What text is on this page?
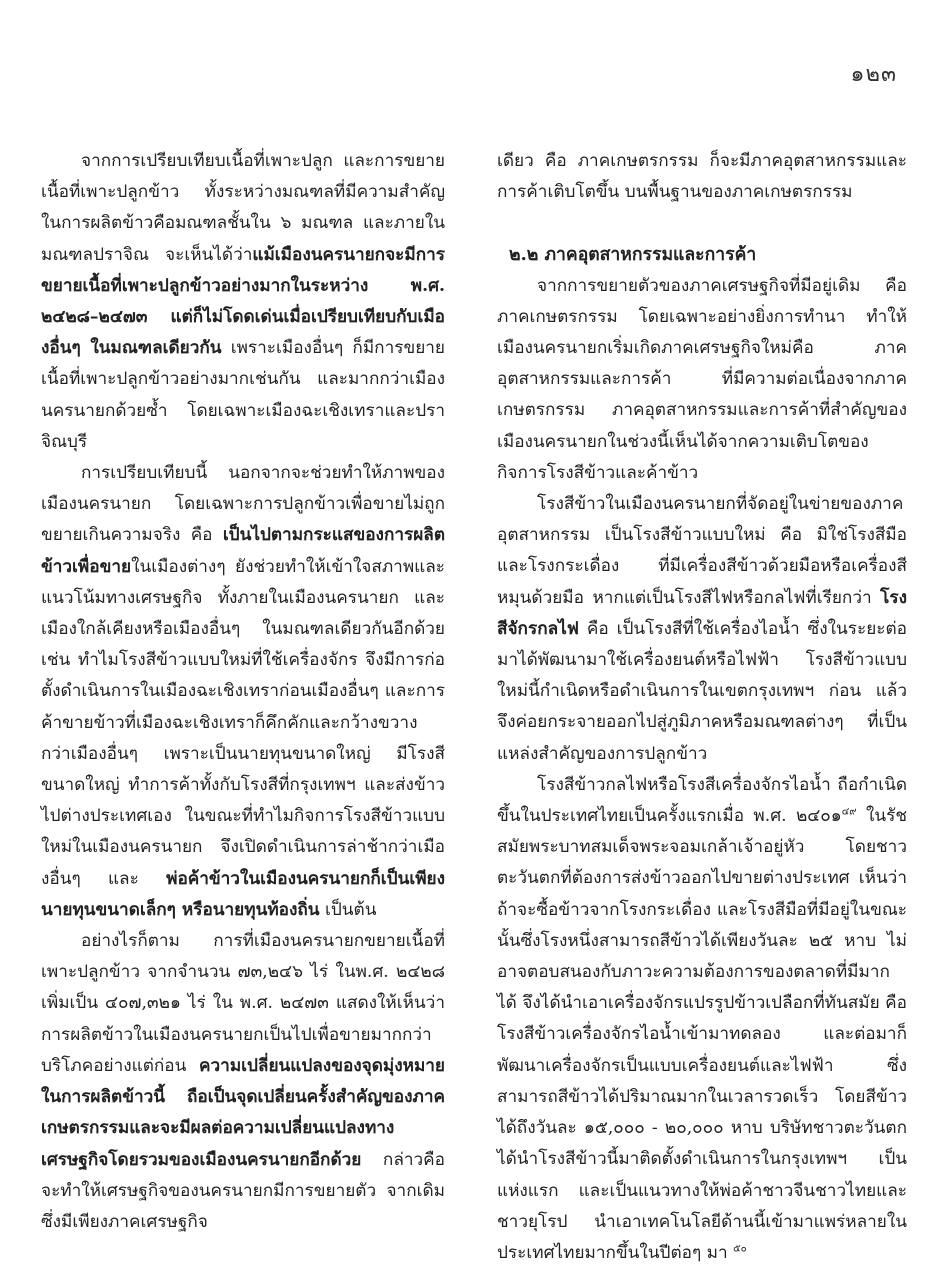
๑๒๓

จากการเปรียบเทียบเนื้อที่เพาะปลูก และการขยายเนื้อที่เพาะปลูกข้าว ทั้งระหว่างมณฑลที่มีความสำคัญในการผลิตข้าวคือมณฑลชั้นใน ๖ มณฑล และภายในมณฑลปราจิณ จะเห็นได้ว่าแม้เมืองนครนายกจะมีการขยายเนื้อที่เพาะปลูกข้าวอย่างมากในระหว่าง พ.ศ. ๒๔๒๘–๒๔๗๓ แต่ก็ไม่โดดเด่นเมื่อเปรียบเทียบกับเมืองอื่นๆ ในมณฑลเดียวกัน เพราะเมืองอื่นๆ ก็มีการขยายเนื้อที่เพาะปลูกข้าวอย่างมากเช่นกัน และมากกว่าเมืองนครนายกด้วยซ้ำ โดยเฉพาะเมืองฉะเชิงเทราและปราจิณบุรี

การเปรียบเทียบนี้ นอกจากจะช่วยทำให้ภาพของเมืองนครนายก โดยเฉพาะการปลูกข้าวเพื่อขายไม่ถูกขยายเกินความจริง คือ เป็นไปตามกระแสของการผลิตข้าวเพื่อขายในเมืองต่างๆ ยังช่วยทำให้เข้าใจสภาพและแนวโน้มทางเศรษฐกิจ ทั้งภายในเมืองนครนายก และเมืองใกล้เคียงหรือเมืองอื่นๆ ในมณฑลเดียวกันอีกด้วย เช่น ทำไมโรงสีข้าวแบบใหม่ที่ใช้เครื่องจักร จึงมีการก่อตั้งดำเนินการในเมืองฉะเชิงเทราก่อนเมืองอื่นๆ และการค้าขายข้าวที่เมืองฉะเชิงเทราก็คึกคักและกว้างขวางกว่าเมืองอื่นๆ เพราะเป็นนายทุนขนาดใหญ่ มีโรงสีขนาดใหญ่ ทำการค้าทั้งกับโรงสีที่กรุงเทพฯ และส่งข้าวไปต่างประเทศเอง ในขณะที่ทำไมกิจการโรงสีข้าวแบบใหม่ในเมืองนครนายก จึงเปิดดำเนินการล่าช้ากว่าเมืองอื่นๆ และ พ่อค้าข้าวในเมืองนครนายกก็เป็นเพียงนายทุนขนาดเล็กๆ หรือนายทุนท้องถิ่น เป็นต้น

อย่างไรก็ตาม การที่เมืองนครนายกขยายเนื้อที่เพาะปลูกข้าว จากจำนวน ๗๓,๒๔๖ ไร่ ในพ.ศ. ๒๔๒๘ เพิ่มเป็น ๔๐๗,๓๒๑ ไร่ ใน พ.ศ. ๒๔๗๓ แสดงให้เห็นว่า การผลิตข้าวในเมืองนครนายกเป็นไปเพื่อขายมากกว่าบริโภคอย่างแต่ก่อน ความเปลี่ยนแปลงของจุดมุ่งหมายในการผลิตข้าวนี้ ถือเป็นจุดเปลี่ยนครั้งสำคัญของภาคเกษตรกรรมและจะมีผลต่อความเปลี่ยนแปลงทางเศรษฐกิจโดยรวมของเมืองนครนายกอีกด้วย กล่าวคือ จะทำให้เศรษฐกิจของนครนายกมีการขยายตัว จากเดิมซึ่งมีเพียงภาคเศรษฐกิจ

เดียว คือ ภาคเกษตรกรรม ก็จะมีภาคอุตสาหกรรมและการค้าเติบโตขึ้น บนพื้นฐานของภาคเกษตรกรรม

๒.๒ ภาคอุตสาหกรรมและการค้า

จากการขยายตัวของภาคเศรษฐกิจที่มีอยู่เดิม คือภาคเกษตรกรรม โดยเฉพาะอย่างยิ่งการทำนา ทำให้เมืองนครนายกเริ่มเกิดภาคเศรษฐกิจใหม่คือ ภาคอุตสาหกรรมและการค้า ที่มีความต่อเนื่องจากภาคเกษตรกรรม ภาคอุตสาหกรรมและการค้าที่สำคัญของเมืองนครนายกในช่วงนี้เห็นได้จากความเติบโตของกิจการโรงสีข้าวและค้าข้าว

โรงสีข้าวในเมืองนครนายกที่จัดอยู่ในข่ายของภาคอุตสาหกรรม เป็นโรงสีข้าวแบบใหม่ คือ มิใช่โรงสีมือและโรงกระเดื่อง ที่มีเครื่องสีข้าวด้วยมือหรือเครื่องสีหมุนด้วยมือ หากแต่เป็นโรงสีไฟหรือกลไฟที่เรียกว่า โรงสีจักรกลไฟ คือ เป็นโรงสีที่ใช้เครื่องไอน้ำ ซึ่งในระยะต่อมาได้พัฒนามาใช้เครื่องยนต์หรือไฟฟ้า โรงสีข้าวแบบใหม่นี้กำเนิดหรือดำเนินการในเขตกรุงเทพฯ ก่อน แล้วจึงค่อยกระจายออกไปสู่ภูมิภาคหรือมณฑลต่างๆ ที่เป็นแหล่งสำคัญของการปลูกข้าว

โรงสีข้าวกลไฟหรือโรงสีเครื่องจักรไอน้ำ ถือกำเนิดขึ้นในประเทศไทยเป็นครั้งแรกเมื่อ พ.ศ. ๒๔๐๑$^{๔๙}$ ในรัชสมัยพระบาทสมเด็จพระจอมเกล้าเจ้าอยู่หัว โดยชาวตะวันตกที่ต้องการส่งข้าวออกไปขายต่างประเทศ เห็นว่าถ้าจะซื้อข้าวจากโรงกระเดื่อง และโรงสีมือที่มีอยู่ในขณะนั้นซึ่งโรงหนึ่งสามารถสีข้าวได้เพียงวันละ ๒๕ หาบ ไม่อาจตอบสนองกับภาวะความต้องการของตลาดที่มีมากได้ จึงได้นำเอาเครื่องจักรแปรรูปข้าวเปลือกที่ทันสมัย คือ โรงสีข้าวเครื่องจักรไอน้ำเข้ามาทดลอง และต่อมาก็พัฒนาเครื่องจักรเป็นแบบเครื่องยนต์และไฟฟ้า ซึ่งสามารถสีข้าวได้ปริมาณมากในเวลารวดเร็ว โดยสีข้าวได้ถึงวันละ ๑๕,๐๐๐ - ๒๐,๐๐๐ หาบ บริษัทชาวตะวันตกได้นำโรงสีข้าวนี้มาติดตั้งดำเนินการในกรุงเทพฯ เป็นแห่งแรก และเป็นแนวทางให้พ่อค้าชาวจีนชาวไทยและชาวยุโรป นำเอาเทคโนโลยีด้านนี้เข้ามาแพร่หลายในประเทศไทยมากขึ้นในปีต่อๆ มา $^{๕๐}$
